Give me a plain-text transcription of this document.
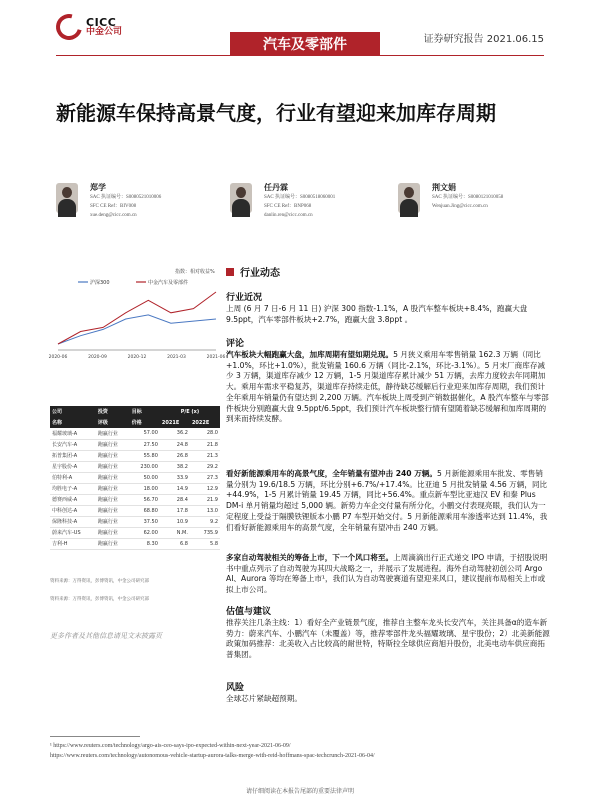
CICC
中金公司
汽车及零部件	证券研究报告 2021.06.15
新能源车保持高景气度，行业有望迎来加库存周期
郑学
SAC 执证编号：S0080521010006
SFC CE Ref：BIV008
xue.deng@cicc.com.cn
任丹霖
SAC 执证编号：S0080518060001
SFC CE Ref：BNP068
danlin.ren@cicc.com.cn
荆文娟
SAC 执证编号：S0080121010058
Wenjuan.Jing@cicc.com.cn
指数：相对收益%
沪深300	中金汽车及零部件
2020-06	2020-09	2020-12	2021-03	2021-06
公司	投资	目标	P/E (x)	
名称	评级	价格	2021E	2022E
福耀玻璃-A	跑赢行业	57.00	36.2	28.0
长安汽车-A	跑赢行业	27.50	24.8	21.8
拓普集团-A	跑赢行业	55.80	26.8	21.3
星宇股份-A	跑赢行业	230.00	38.2	29.2
伯特利-A	跑赢行业	50.00	33.9	27.3
均胜电子-A	跑赢行业	18.00	14.9	12.9
德赛西威-A	跑赢行业	56.70	28.4	21.9
中科创达-A	跑赢行业	68.80	17.8	13.0
保隆科技-A	跑赢行业	37.50	10.9	9.2
蔚来汽车-US	跑赢行业	62.00	N.M.	735.9
吉利-H	跑赢行业	8.30	6.8	5.8
资料来源：万得资讯，彭博资讯，中金公司研究部
资料来源：万得资讯，彭博资讯，中金公司研究部
更多作者及其他信息请见文末披露页
行业动态
行业近况
上周 (6 月 7 日-6 月 11 日) 沪深 300 指数-1.1%，A 股汽车整车板块+8.4%，跑赢大盘 9.5ppt，汽车零部件板块+2.7%，跑赢大盘 3.8ppt 。
评论
汽车板块大幅跑赢大盘，加库周期有望如期兑现。5 月狭义乘用车零售销量 162.3 万辆（同比+1.0%，环比+1.0%），批发销量 160.6 万辆（同比-2.1%，环比-3.1%）。5 月末厂商库存减少 3 万辆，渠道库存减少 12 万辆，1-5 月渠道库存累计减少 51 万辆，去库力度较去年同期加大。乘用车需求平稳复苏，渠道库存持续走低，静待缺芯缓解后行业迎来加库存周期，我们预计全年乘用车销量仍有望达到 2,200 万辆。汽车板块上周受到产销数据催化，A 股汽车整车与零部件板块分别跑赢大盘 9.5ppt/6.5ppt，我们预计汽车板块整行情有望随着缺芯缓解和加库周期的到来而持续发酵。
看好新能源乘用车的高景气度，全年销量有望冲击 240 万辆。5 月新能源乘用车批发、零售销量分别为 19.6/18.5 万辆，环比分别+6.7%/+17.4%。比亚迪 5 月批发销量 4.56 万辆，同比+44.9%，1-5 月累计销量 19.45 万辆，同比+56.4%。重点新车型比亚迪汉 EV 和秦 Plus DM-i 单月销量均超过 5,000 辆。新势力车企交付量有所分化，小鹏交付表现亮眼，我们认为一定程度上受益于隔膜铁锂版本小鹏 P7 车型开始交付。5 月新能源乘用车渗透率达到 11.4%，我们看好新能源乘用车的高景气度，全年销量有望冲击 240 万辆。
多家自动驾驶相关的筹备上市，下一个风口将至。上周滴滴出行正式递交 IPO 申请，于招股说明书中重点列示了自动驾驶为其四大战略之一，并展示了发展进程。海外自动驾驶初创公司 Argo AI、Aurora 等均在筹备上市¹，我们认为自动驾驶赛道有望迎来风口，建议提前布局相关上市或拟上市公司。
估值与建议
推荐关注几条主线：1）看好全产业链景气度，推荐自主整车龙头长安汽车，关注具备α的造车新势力：蔚来汽车、小鹏汽车（未覆盖）等，推荐零部件龙头福耀玻璃、星宇股份；2）北美新能源政策加码推荐：北美收入占比较高的耐世特，特斯拉全球供应商旭升股份，北美电动车供应商拓普集团。
风险
全球芯片紧缺超预期。
¹ https://www.reuters.com/technology/argo-ais-ceo-says-ipo-expected-within-next-year-2021-06-09/
https://www.reuters.com/technology/autonomous-vehicle-startup-aurora-talks-merge-with-reid-hoffmans-spac-techcrunch-2021-06-04/
请仔细阅读在本报告尾部的重要法律声明
